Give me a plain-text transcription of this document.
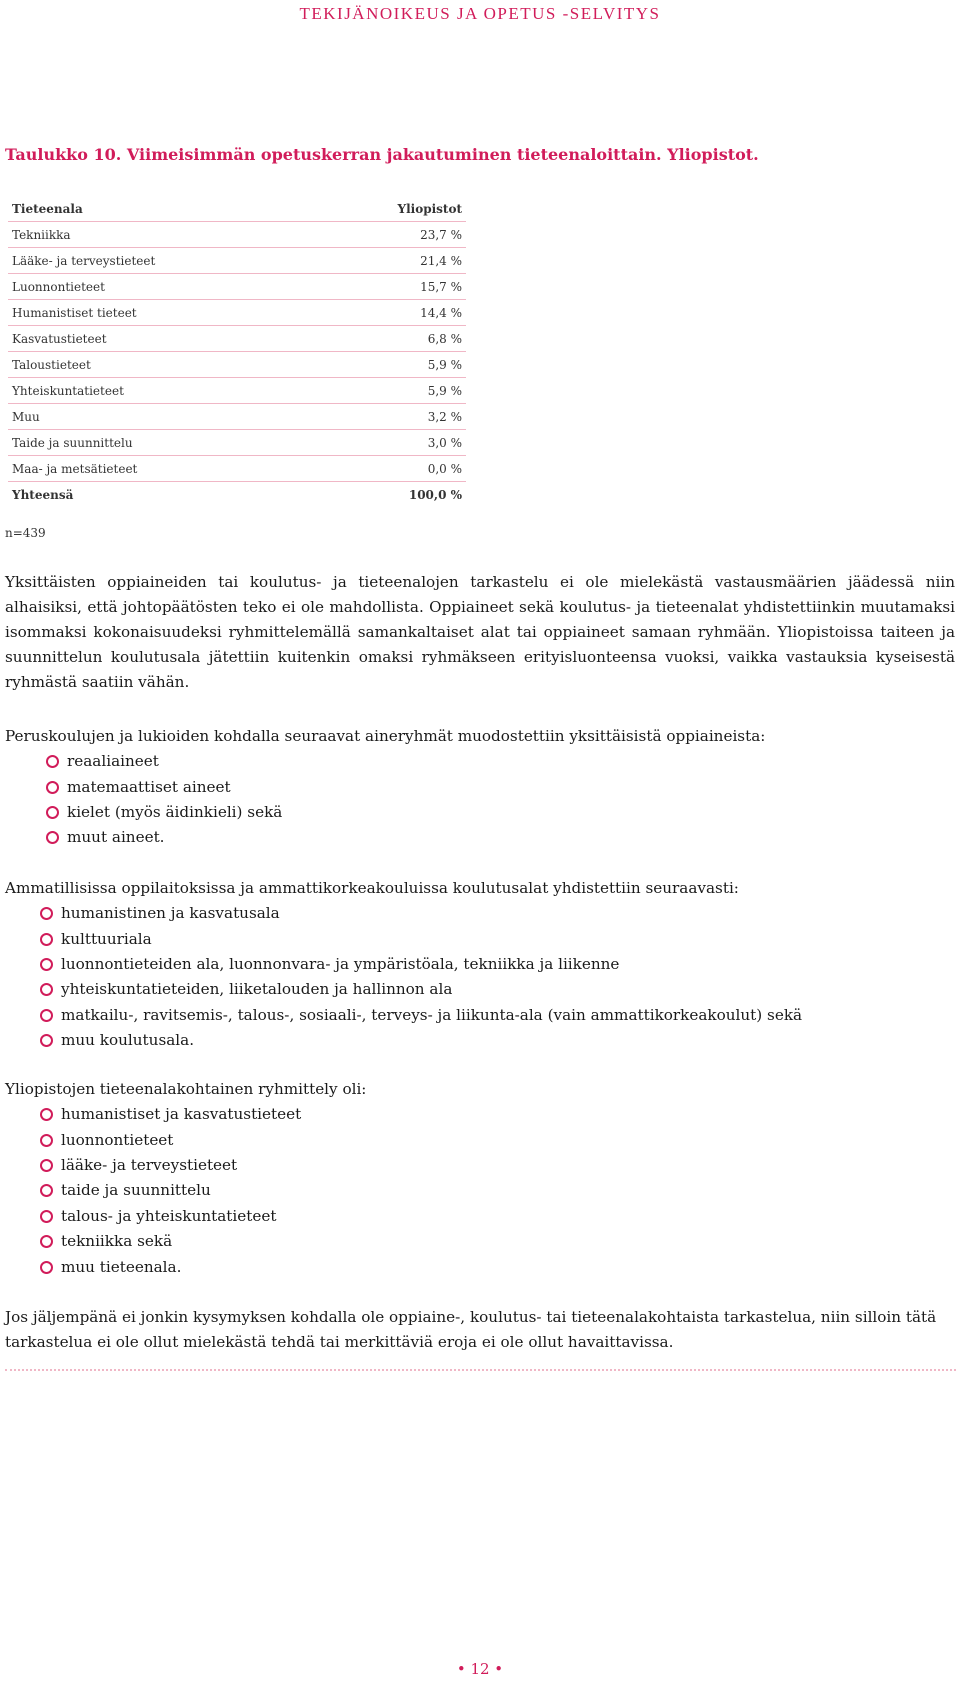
TEKIJÄNOIKEUS JA OPETUS -SELVITYS
Taulukko 10. Viimeisimmän opetuskerran jakautuminen tieteenaloittain. Yliopistot.
Tieteenala	Yliopistot
Tekniikka	23,7 %
Lääke- ja terveystieteet	21,4 %
Luonnontieteet	15,7 %
Humanistiset tieteet	14,4 %
Kasvatustieteet	6,8 %
Taloustieteet	5,9 %
Yhteiskuntatieteet	5,9 %
Muu	3,2 %
Taide ja suunnittelu	3,0 %
Maa- ja metsätieteet	0,0 %
Yhteensä	100,0 %
n=439
Yksittäisten oppiaineiden tai koulutus- ja tieteenalojen tarkastelu ei ole mielekästä vastausmäärien jäädessä niin alhaisiksi, että johtopäätösten teko ei ole mahdollista. Oppiaineet sekä koulutus- ja tieteenalat yhdistettiinkin muutamaksi isommaksi kokonaisuudeksi ryhmittelemällä samankaltaiset alat tai oppiaineet samaan ryhmään. Yliopistoissa taiteen ja suunnittelun koulutusala jätettiin kuitenkin omaksi ryhmäkseen erityisluonteensa vuoksi, vaikka vastauksia kyseisestä ryhmästä saatiin vähän.
Peruskoulujen ja lukioiden kohdalla seuraavat aineryhmät muodostettiin yksittäisistä oppiaineista:
reaaliaineet
matemaattiset aineet
kielet (myös äidinkieli) sekä
muut aineet.
Ammatillisissa oppilaitoksissa ja ammattikorkeakouluissa koulutusalat yhdistettiin seuraavasti:
humanistinen ja kasvatusala
kulttuuriala
luonnontieteiden ala, luonnonvara- ja ympäristöala, tekniikka ja liikenne
yhteiskuntatieteiden, liiketalouden ja hallinnon ala
matkailu-, ravitsemis-, talous-, sosiaali-, terveys- ja liikunta-ala (vain ammattikorkeakoulut) sekä
muu koulutusala.
Yliopistojen tieteenalakohtainen ryhmittely oli:
humanistiset ja kasvatustieteet
luonnontieteet
lääke- ja terveystieteet
taide ja suunnittelu
talous- ja yhteiskuntatieteet
tekniikka sekä
muu tieteenala.
Jos jäljempänä ei jonkin kysymyksen kohdalla ole oppiaine-, koulutus- tai tieteenalakohtaista tarkastelua, niin silloin tätä tarkastelua ei ole ollut mielekästä tehdä tai merkittäviä eroja ei ole ollut havaittavissa.
• 12 •
